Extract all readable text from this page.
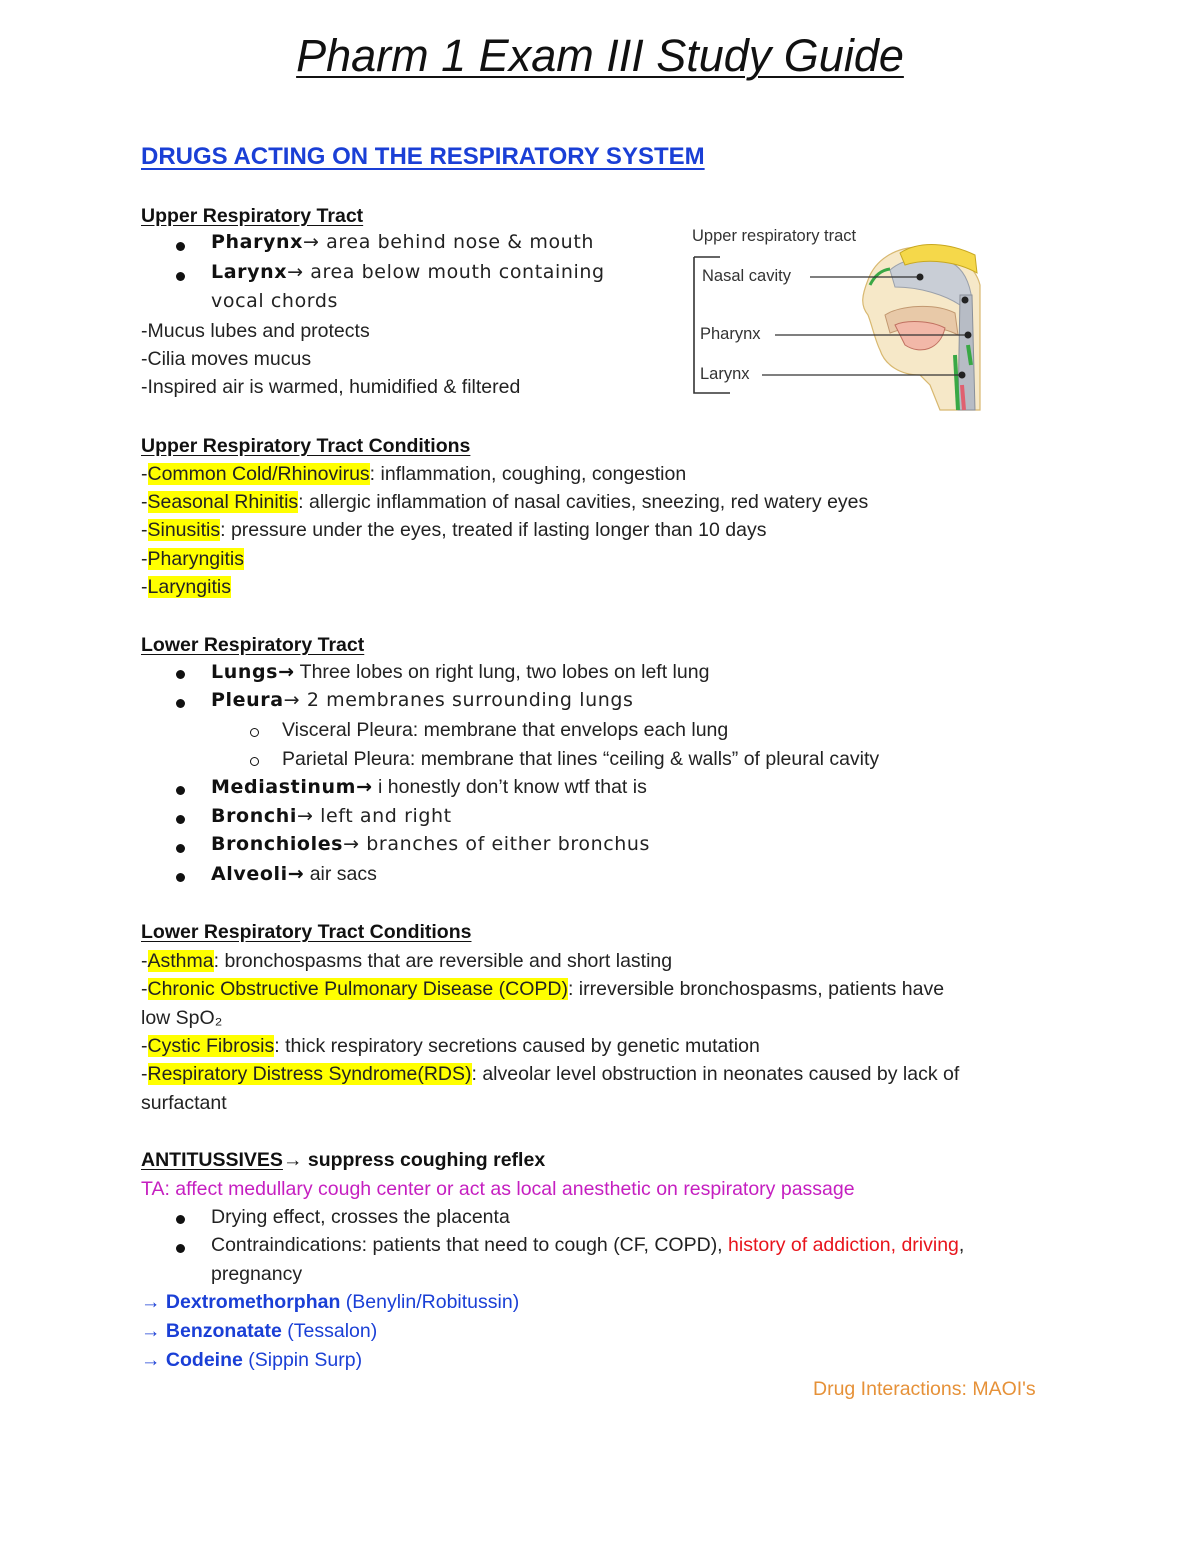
Pharm 1 Exam III Study Guide
DRUGS ACTING ON THE RESPIRATORY SYSTEM
Upper Respiratory Tract
Pharynx→ area behind nose & mouth
Larynx→ area below mouth containing
vocal chords
-Mucus lubes and protects
-Cilia moves mucus
-Inspired air is warmed, humidified & filtered
Upper respiratory tract
Nasal cavity
Pharynx
Larynx
Upper Respiratory Tract Conditions
-Common Cold/Rhinovirus: inflammation, coughing, congestion
-Seasonal Rhinitis: allergic inflammation of nasal cavities, sneezing, red watery eyes
-Sinusitis: pressure under the eyes, treated if lasting longer than 10 days
-Pharyngitis
-Laryngitis
Lower Respiratory Tract
Lungs→ Three lobes on right lung, two lobes on left lung
Pleura→ 2 membranes surrounding lungs
Visceral Pleura: membrane that envelops each lung
Parietal Pleura: membrane that lines “ceiling & walls” of pleural cavity
Mediastinum→ i honestly don’t know wtf that is
Bronchi→ left and right
Bronchioles→ branches of either bronchus
Alveoli→ air sacs
Lower Respiratory Tract Conditions
-Asthma: bronchospasms that are reversible and short lasting
-Chronic Obstructive Pulmonary Disease (COPD): irreversible bronchospasms, patients have
low SpO₂
-Cystic Fibrosis: thick respiratory secretions caused by genetic mutation
-Respiratory Distress Syndrome(RDS): alveolar level obstruction in neonates caused by lack of
surfactant
ANTITUSSIVES→ suppress coughing reflex
TA: affect medullary cough center or act as local anesthetic on respiratory passage
Drying effect, crosses the placenta
Contraindications: patients that need to cough (CF, COPD), history of addiction, driving,
pregnancy
→ Dextromethorphan (Benylin/Robitussin)
→ Benzonatate (Tessalon)
→ Codeine (Sippin Surp)
Drug Interactions: MAOI's
